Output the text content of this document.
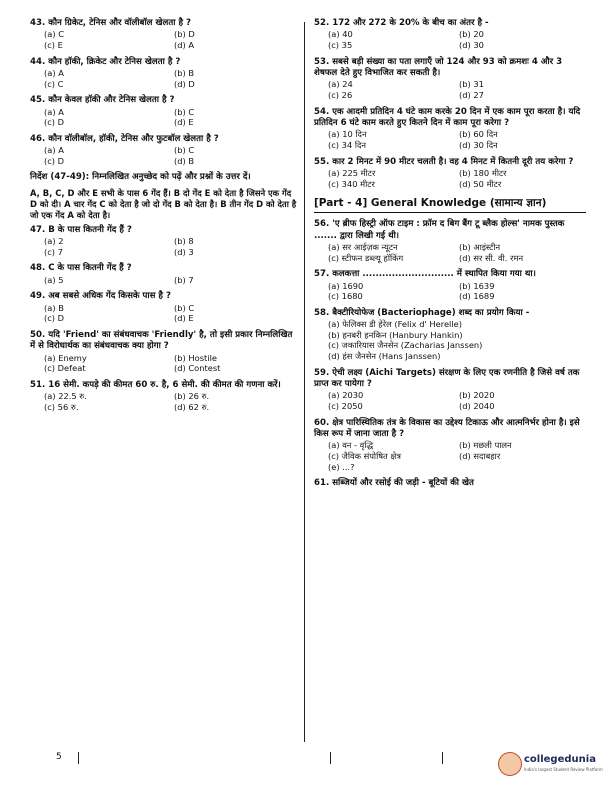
43. कौन ग्रिकेट, टेनिस और वॉलीबॉल खेलता है ?
(a) C	(b) D
(c) E	(d) A
44. कौन हॉकी, क्रिकेट और टेनिस खेलता है ?
(a) A	(b) B
(c) C	(d) D
45. कौन केवल हॉकी और टेनिस खेलता है ?
(a) A	(b) C
(c) D	(d) E
46. कौन वॉलीबॉल, हॉकी, टेनिस और फुटबॉल खेलता है ?
(a) A	(b) C
(c) D	(d) B
निर्देश (47-49): निम्नलिखित अनुच्छेद को पढ़ें और प्रश्नों के उत्तर दें।
A, B, C, D और E सभी के पास 6 गेंद हैं। B दो गेंद E को देता है जिसने एक गेंद D को दी। A चार गेंद C को देता है जो दो गेंद B को देता है। B तीन गेंद D को देता है जो एक गेंद A को देता है।
47. B के पास कितनी गेंद हैं ?
(a) 2	(b) 8
(c) 7	(d) 3
48. C के पास कितनी गेंद हैं ?
(a) 5	(b) 7
49. अब सबसे अधिक गेंद किसके पास है ?
(a) B	(b) C
(c) D	(d) E
50. यदि 'Friend' का संबंधवाचक 'Friendly' है, तो इसी प्रकार निम्नलिखित में से विरोधार्थक का संबंधवाचक क्या होगा ?
(a) Enemy	(b) Hostile
(c) Defeat	(d) Contest
51. 16 सेमी. कपड़े की कीमत 60 रु. है, 6 सेमी. की कीमत की गणना करें।
(a) 22.5 रु.	(b) 26 रु.
(c) 56 रु.	(d) 62 रु.
52. 172 और 272 के 20% के बीच का अंतर है -
(a) 40	(b) 20
(c) 35	(d) 30
53. सबसे बड़ी संख्या का पता लगाएँ जो 124 और 93 को क्रमशः 4 और 3 शेषफल देते हुए विभाजित कर सकती है।
(a) 24	(b) 31
(c) 26	(d) 27
54. एक आदमी प्रतिदिन 4 घंटे काम करके 20 दिन में एक काम पूरा करता है। यदि प्रतिदिन 6 घंटे काम करते हुए कितने दिन में काम पूरा करेगा ?
(a) 10 दिन	(b) 60 दिन
(c) 34 दिन	(d) 30 दिन
55. कार 2 मिनट में 90 मीटर चलती है। वह 4 मिनट में कितनी दूरी तय करेगा ?
(a) 225 मीटर	(b) 180 मीटर
(c) 340 मीटर	(d) 50 मीटर
[Part - 4] General Knowledge (सामान्य ज्ञान)
56. 'ए ब्रीफ हिस्ट्री ऑफ टाइम : फ्रॉम द बिग बैंग टू ब्लैक होल्स' नामक पुस्तक ....... द्वारा लिखी गई थी।
(a) सर आईज़क न्यूटन	(b) आइंस्टीन
(c) स्टीफन डब्ल्यू हॉकिंग	(d) सर सी. वी. रमन
57. कलकत्ता ............................ में स्थापित किया गया था।
(a) 1690	(b) 1639
(c) 1680	(d) 1689
58. बैक्टीरियोफेज (Bacteriophage) शब्द का प्रयोग किया -
(a) फेलिक्स डी हेरेल (Felix d' Herelle)
(b) हनबरी हनकिन (Hanbury Hankin)
(c) जकारियास जैनसेन (Zacharias Janssen)
(d) हंस जैनसेन (Hans Janssen)
59. ऐची लक्ष्य (Aichi Targets) संरक्षण के लिए एक रणनीति है जिसे वर्ष तक प्राप्त कर पायेगा ?
(a) 2030	(b) 2020
(c) 2050	(d) 2040
60. क्षेत्र पारिस्थितिक तंत्र के विकास का उद्देश्य टिकाऊ और आत्मनिर्भर होना है। इसे किस रूप में जाना जाता है ?
(a) वन - वृद्धि	(b) मछली पालन
(c) जैविक संपोषित क्षेत्र	(d) सदाबहार
(e) ...?
61. सब्जियों और रसोई की जड़ी - बूटियों की खेत
5	collegedunia
India's largest Student Review Platform
